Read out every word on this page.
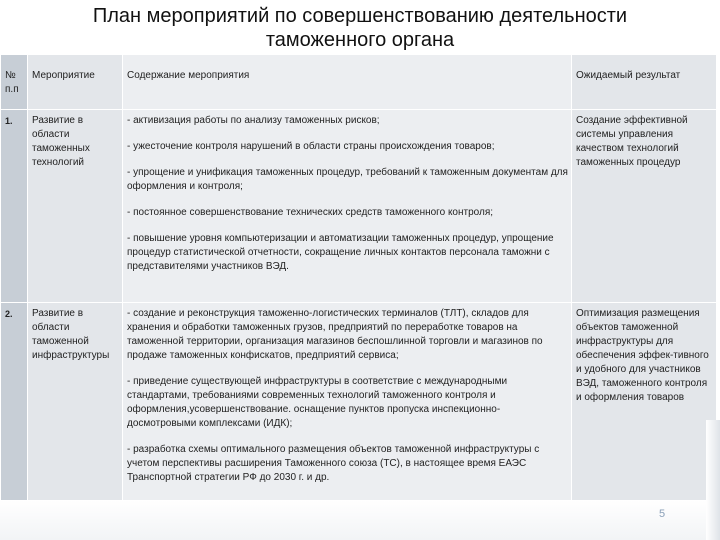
План мероприятий по совершенствованию деятельности
таможенного органа
№ п.п	Мероприятие	Содержание мероприятия	Ожидаемый результат
1.	Развитие в области таможенных технологий	- активизация работы по анализу таможенных рисков;
- ужесточение контроля нарушений в области страны происхождения товаров;
- упрощение и унификация таможенных процедур, требований к таможенным документам для оформления и контроля;
- постоянное совершенствование технических средств таможенного контроля;
- повышение уровня компьютеризации и автоматизации таможенных процедур, упрощение процедур статистической отчетности, сокращение личных контактов персонала таможни с представителями участников ВЭД.	Создание эффективной системы управления качеством технологий таможенных процедур
2.	Развитие в области таможенной инфраструктуры	- создание и реконструкция таможенно-логистических терминалов (ТЛТ), складов для хранения и обработки таможенных грузов, предприятий по переработке товаров на таможенной территории, организация магазинов беспошлинной торговли и магазинов по продаже таможенных конфискатов, предприятий сервиса;
- приведение существующей инфраструктуры в соответствие с международными стандартами, требованиями современных технологий таможенного контроля и оформления,усовершенствование. оснащение пунктов пропуска инспекционно-досмотровыми комплексами (ИДК);
- разработка схемы оптимального размещения объектов таможенной инфраструктуры с учетом перспективы расширения Таможенного союза (ТС), в настоящее время ЕАЭС Транспортной стратегии РФ до 2030 г. и др.	Оптимизация размещения объектов таможенной инфраструктуры для обеспечения эффек-тивного и удобного для участников ВЭД, таможенного контроля и оформления товаров
5
